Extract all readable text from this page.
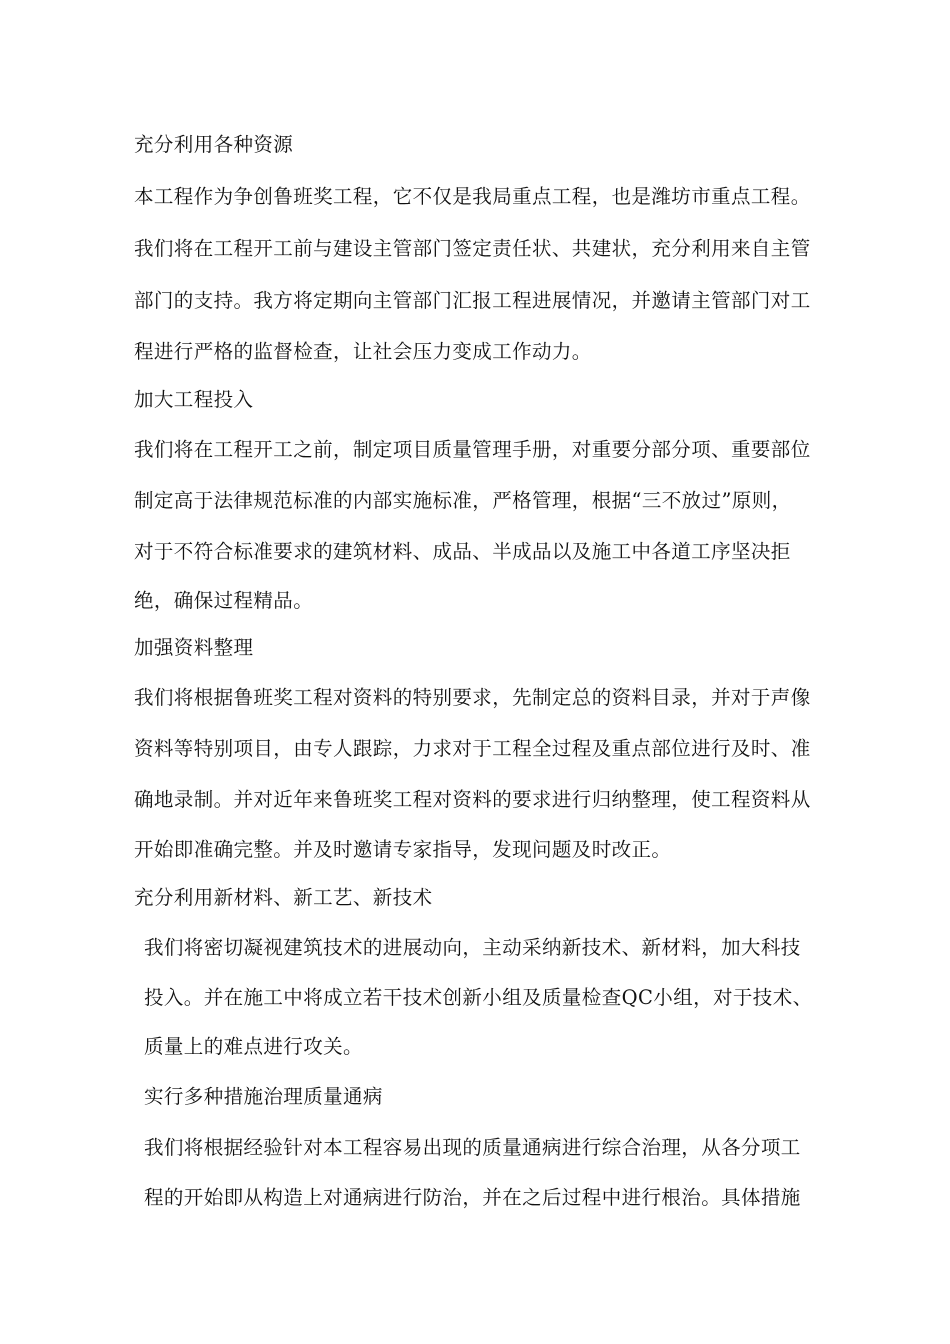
充分利用各种资源
本工程作为争创鲁班奖工程，它不仅是我局重点工程，也是潍坊市重点工程。
我们将在工程开工前与建设主管部门签定责任状、共建状，充分利用来自主管
部门的支持。我方将定期向主管部门汇报工程进展情况，并邀请主管部门对工
程进行严格的监督检查，让社会压力变成工作动力。
加大工程投入
我们将在工程开工之前，制定项目质量管理手册，对重要分部分项、重要部位
制定高于法律规范标准的内部实施标准，严格管理，根据“三不放过”原则，
对于不符合标准要求的建筑材料、成品、半成品以及施工中各道工序坚决拒
绝，确保过程精品。
加强资料整理
我们将根据鲁班奖工程对资料的特别要求，先制定总的资料目录，并对于声像
资料等特别项目，由专人跟踪，力求对于工程全过程及重点部位进行及时、准
确地录制。并对近年来鲁班奖工程对资料的要求进行归纳整理，使工程资料从
开始即准确完整。并及时邀请专家指导，发现问题及时改正。
充分利用新材料、新工艺、新技术
我们将密切凝视建筑技术的进展动向，主动采纳新技术、新材料，加大科技
投入。并在施工中将成立若干技术创新小组及质量检查QC小组，对于技术、
质量上的难点进行攻关。
实行多种措施治理质量通病
我们将根据经验针对本工程容易出现的质量通病进行综合治理，从各分项工
程的开始即从构造上对通病进行防治，并在之后过程中进行根治。具体措施
